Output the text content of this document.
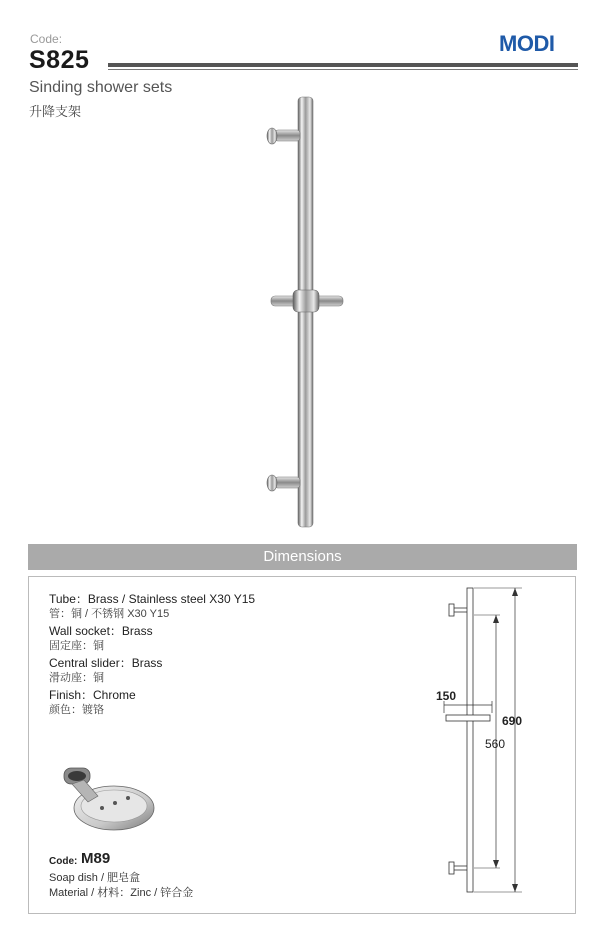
Code:
S825
MODI
Sinding shower sets
升降支架
Dimensions
Tube：Brass / Stainless steel X30 Y15
管：铜 / 不锈钢 X30 Y15
Wall socket：Brass
固定座：铜
Central slider：Brass
滑动座：铜
Finish：Chrome
颜色：镀铬
Code: M89
Soap dish / 肥皂盒
Material / 材料：Zinc / 锌合金
150
560
690
